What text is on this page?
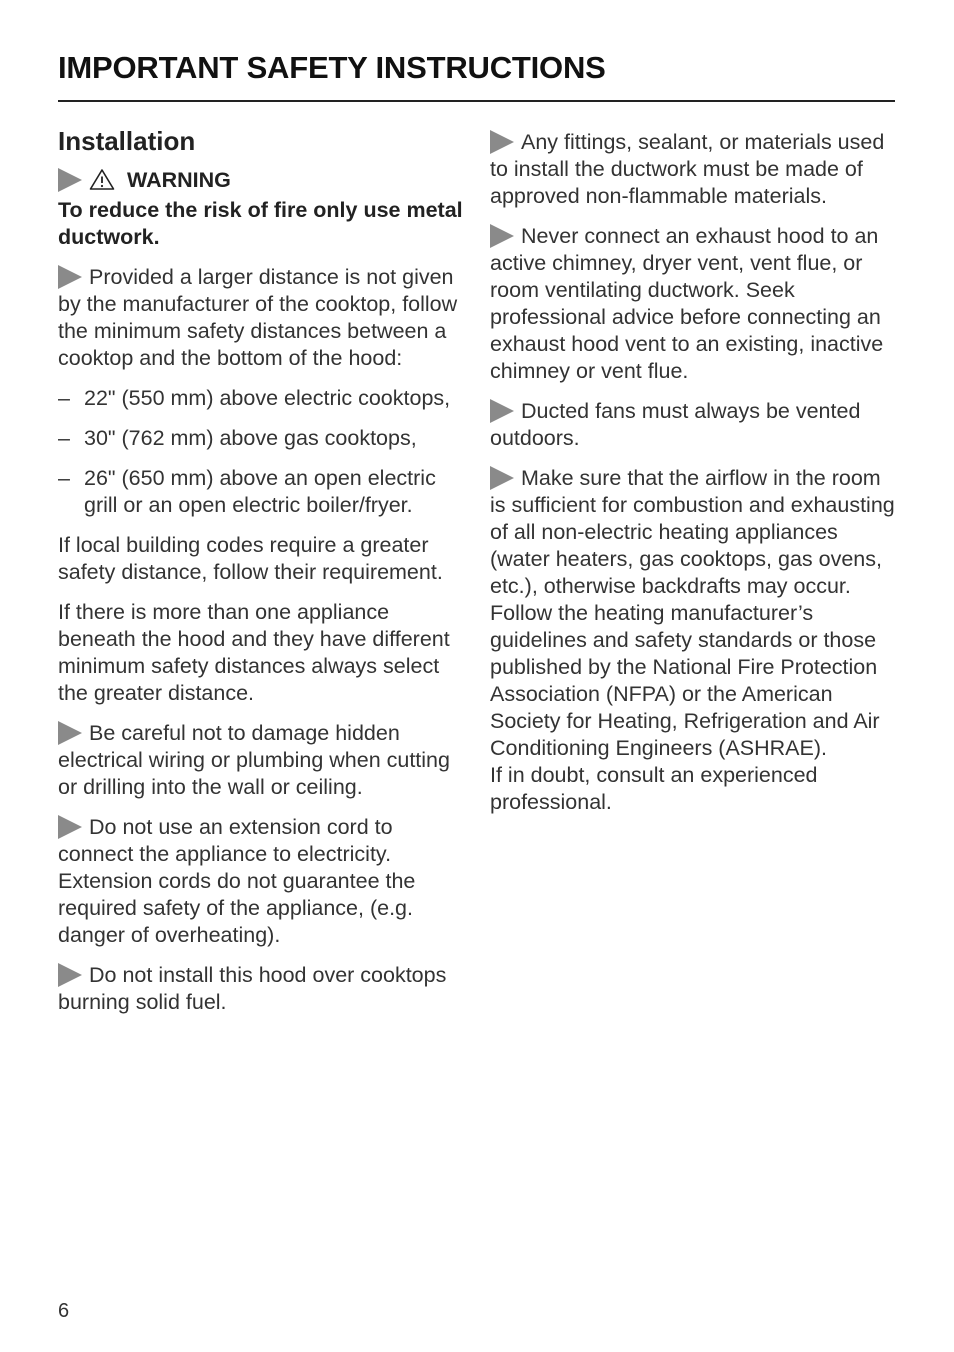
IMPORTANT SAFETY INSTRUCTIONS
Installation

WARNING

To reduce the risk of fire only use metal ductwork.

Provided a larger distance is not given by the manufacturer of the cooktop, follow the minimum safety distances between a cooktop and the bottom of the hood:

– 22" (550 mm) above electric cooktops,
– 30" (762 mm) above gas cooktops,
– 26" (650 mm) above an open electric grill or an open electric boiler/fryer.

If local building codes require a greater safety distance, follow their requirement.

If there is more than one appliance beneath the hood and they have different minimum safety distances always select the greater distance.

Be careful not to damage hidden electrical wiring or plumbing when cutting or drilling into the wall or ceiling.

Do not use an extension cord to connect the appliance to electricity. Extension cords do not guarantee the required safety of the appliance, (e.g. danger of overheating).

Do not install this hood over cooktops burning solid fuel.

Any fittings, sealant, or materials used to install the ductwork must be made of approved non-flammable materials.

Never connect an exhaust hood to an active chimney, dryer vent, vent flue, or room ventilating ductwork. Seek professional advice before connecting an exhaust hood vent to an existing, inactive chimney or vent flue.

Ducted fans must always be vented outdoors.

Make sure that the airflow in the room is sufficient for combustion and exhausting of all non-electric heating appliances (water heaters, gas cooktops, gas ovens, etc.), otherwise backdrafts may occur. Follow the heating manufacturer’s guidelines and safety standards or those published by the National Fire Protection Association (NFPA) or the American Society for Heating, Refrigeration and Air Conditioning Engineers (ASHRAE).

If in doubt, consult an experienced professional.

6
